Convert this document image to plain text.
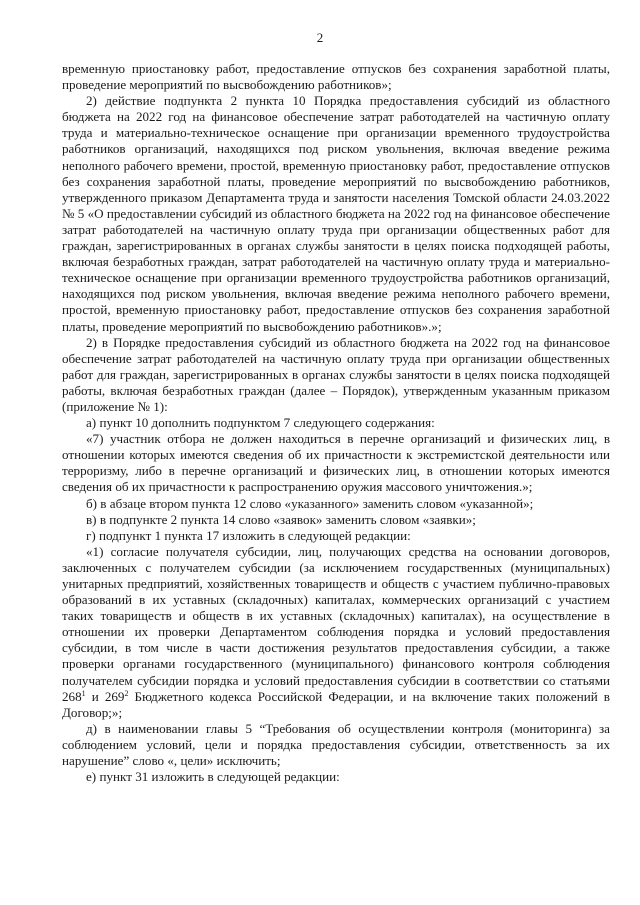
2

временную приостановку работ, предоставление отпусков без сохранения заработной платы, проведение мероприятий по высвобождению работников»;

2) действие подпункта 2 пункта 10 Порядка предоставления субсидий из областного бюджета на 2022 год на финансовое обеспечение затрат работодателей на частичную оплату труда и материально-техническое оснащение при организации временного трудоустройства работников организаций, находящихся под риском увольнения, включая введение режима неполного рабочего времени, простой, временную приостановку работ, предоставление отпусков без сохранения заработной платы, проведение мероприятий по высвобождению работников, утвержденного приказом Департамента труда и занятости населения Томской области 24.03.2022 № 5 «О предоставлении субсидий из областного бюджета на 2022 год на финансовое обеспечение затрат работодателей на частичную оплату труда при организации общественных работ для граждан, зарегистрированных в органах службы занятости в целях поиска подходящей работы, включая безработных граждан, затрат работодателей на частичную оплату труда и материально-техническое оснащение при организации временного трудоустройства работников организаций, находящихся под риском увольнения, включая введение режима неполного рабочего времени, простой, временную приостановку работ, предоставление отпусков без сохранения заработной платы, проведение мероприятий по высвобождению работников».»;

2) в Порядке предоставления субсидий из областного бюджета на 2022 год на финансовое обеспечение затрат работодателей на частичную оплату труда при организации общественных работ для граждан, зарегистрированных в органах службы занятости в целях поиска подходящей работы, включая безработных граждан (далее – Порядок), утвержденным указанным приказом (приложение № 1):

а) пункт 10 дополнить подпунктом 7 следующего содержания:

«7) участник отбора не должен находиться в перечне организаций и физических лиц, в отношении которых имеются сведения об их причастности к экстремистской деятельности или терроризму, либо в перечне организаций и физических лиц, в отношении которых имеются сведения об их причастности к распространению оружия массового уничтожения.»;

б) в абзаце втором пункта 12 слово «указанного» заменить словом «указанной»;

в) в подпункте 2 пункта 14 слово «заявок» заменить словом «заявки»;

г) подпункт 1 пункта 17 изложить в следующей редакции:

«1) согласие получателя субсидии, лиц, получающих средства на основании договоров, заключенных с получателем субсидии (за исключением государственных (муниципальных) унитарных предприятий, хозяйственных товариществ и обществ с участием публично-правовых образований в их уставных (складочных) капиталах, коммерческих организаций с участием таких товариществ и обществ в их уставных (складочных) капиталах), на осуществление в отношении их проверки Департаментом соблюдения порядка и условий предоставления субсидии, в том числе в части достижения результатов предоставления субсидии, а также проверки органами государственного (муниципального) финансового контроля соблюдения получателем субсидии порядка и условий предоставления субсидии в соответствии со статьями $268^1$ и $269^2$ Бюджетного кодекса Российской Федерации, и на включение таких положений в Договор;»;

д) в наименовании главы 5 “Требования об осуществлении контроля (мониторинга) за соблюдением условий, цели и порядка предоставления субсидии, ответственность за их нарушение” слово «, цели» исключить;

е) пункт 31 изложить в следующей редакции:
